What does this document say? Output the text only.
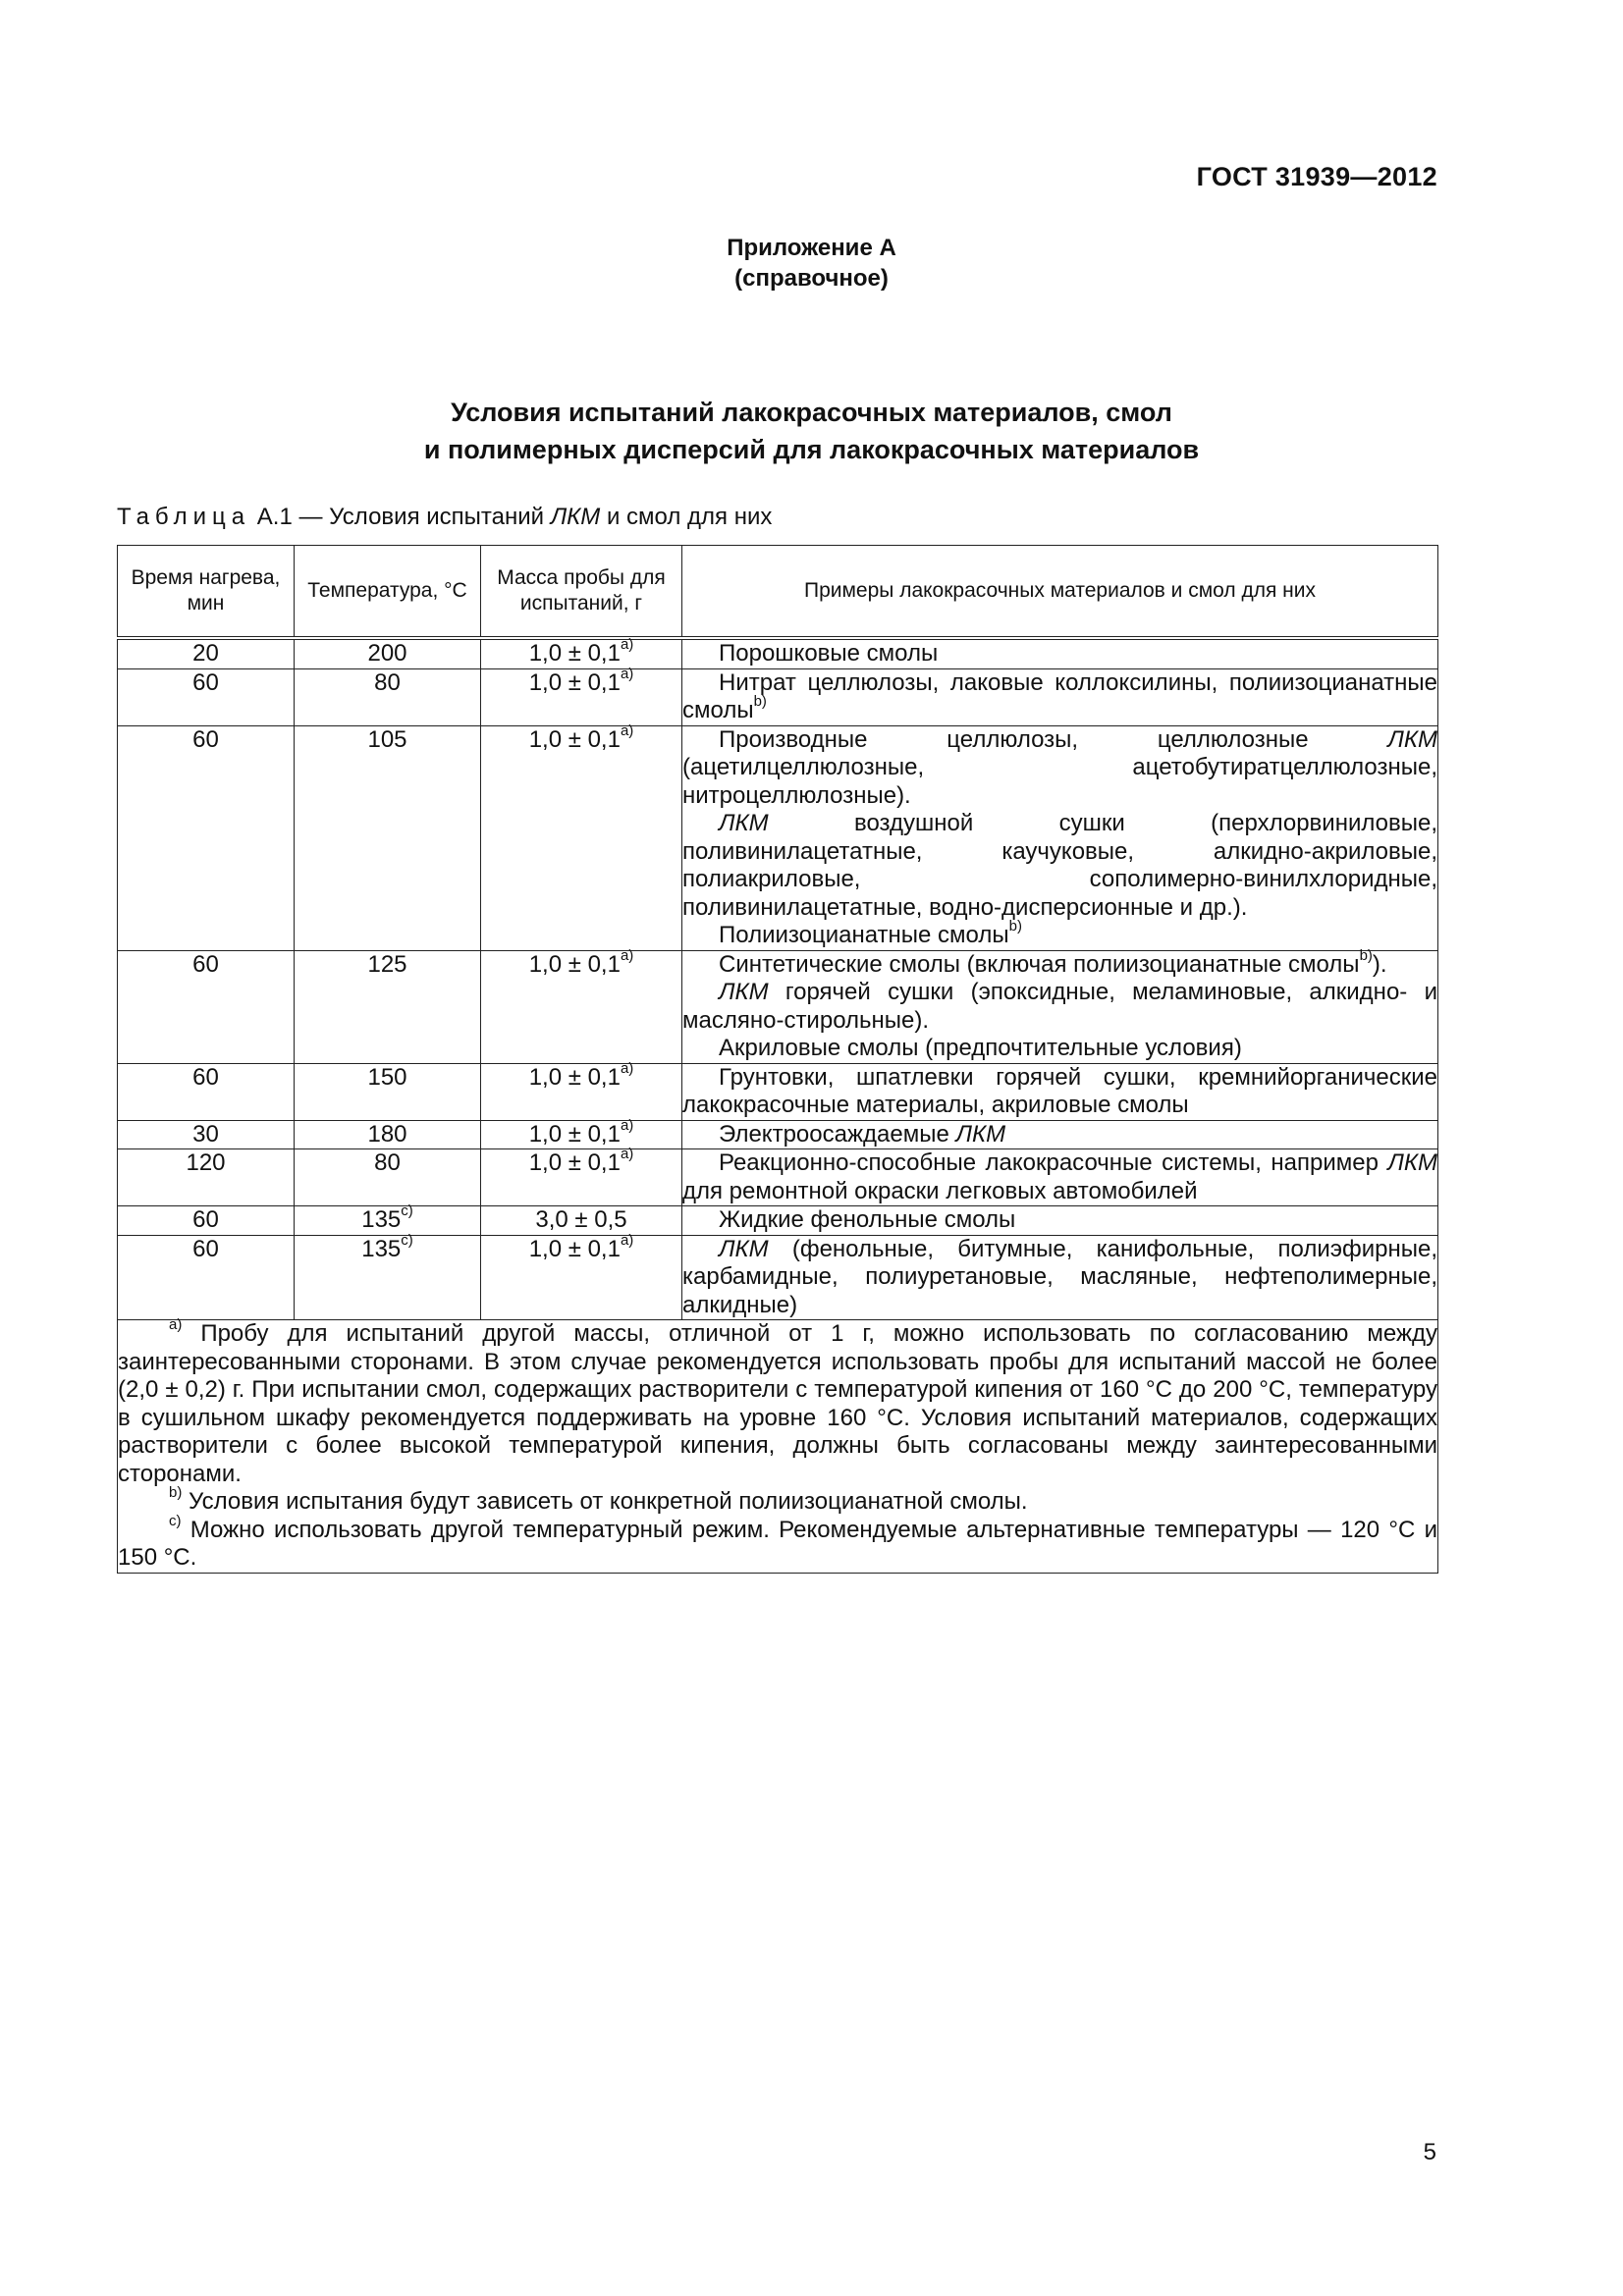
ГОСТ 31939—2012
Приложение А
(справочное)
Условия испытаний лакокрасочных материалов, смол
и полимерных дисперсий для лакокрасочных материалов
Таблица А.1 — Условия испытаний ЛКМ и смол для них
Время нагрева, мин	Температура, °С	Масса пробы для испытаний, г	Примеры лакокрасочных материалов и смол для них
20	200	$1,0 \pm 0,1^{a)}$	Порошковые смолы

60	80	$1,0 \pm 0,1^{a)}$	Нитрат целлюлозы, лаковые коллоксилины, полиизоцианатные смолы$^{b)}$

60	105	$1,0 \pm 0,1^{a)}$	Производные целлюлозы, целлюлозные ЛКМ (ацетилцеллюлозные, ацетобутиратцеллюлозные, нитроцеллюлозные).
ЛКМ воздушной сушки (перхлорвиниловые, поливинилацетатные, каучуковые, алкидно-акриловые, полиакриловые, сополимерно-винилхлоридные, поливинилацетатные, водно-дисперсионные и др.).
Полиизоцианатные смолы$^{b)}$

60	125	$1,0 \pm 0,1^{a)}$	Синтетические смолы (включая полиизоцианатные смолы$^{b)}$).
ЛКМ горячей сушки (эпоксидные, меламиновые, алкидно- и масляно-стирольные).
Акриловые смолы (предпочтительные условия)

60	150	$1,0 \pm 0,1^{a)}$	Грунтовки, шпатлевки горячей сушки, кремнийорганические лакокрасочные материалы, акриловые смолы

30	180	$1,0 \pm 0,1^{a)}$	Электроосаждаемые ЛКМ

120	80	$1,0 \pm 0,1^{a)}$	Реакционно-способные лакокрасочные системы, например ЛКМ для ремонтной окраски легковых автомобилей

60	135$^{c)}$	3,0 ± 0,5	Жидкие фенольные смолы

60	135$^{c)}$	$1,0 \pm 0,1^{a)}$	ЛКМ (фенольные, битумные, канифольные, полиэфирные, карбамидные, полиуретановые, масляные, нефтеполимерные, алкидные)

$^{a)}$ Пробу для испытаний другой массы, отличной от 1 г, можно использовать по согласованию между заинтересованными сторонами. В этом случае рекомендуется использовать пробы для испытаний массой не более (2,0 ± 0,2) г. При испытании смол, содержащих растворители с температурой кипения от 160 °С до 200 °С, температуру в сушильном шкафу рекомендуется поддерживать на уровне 160 °С. Условия испытаний материалов, содержащих растворители с более высокой температурой кипения, должны быть согласованы между заинтересованными сторонами.
$^{b)}$ Условия испытания будут зависеть от конкретной полиизоцианатной смолы.
$^{c)}$ Можно использовать другой температурный режим. Рекомендуемые альтернативные температуры — 120 °С и 150 °С.			
5
